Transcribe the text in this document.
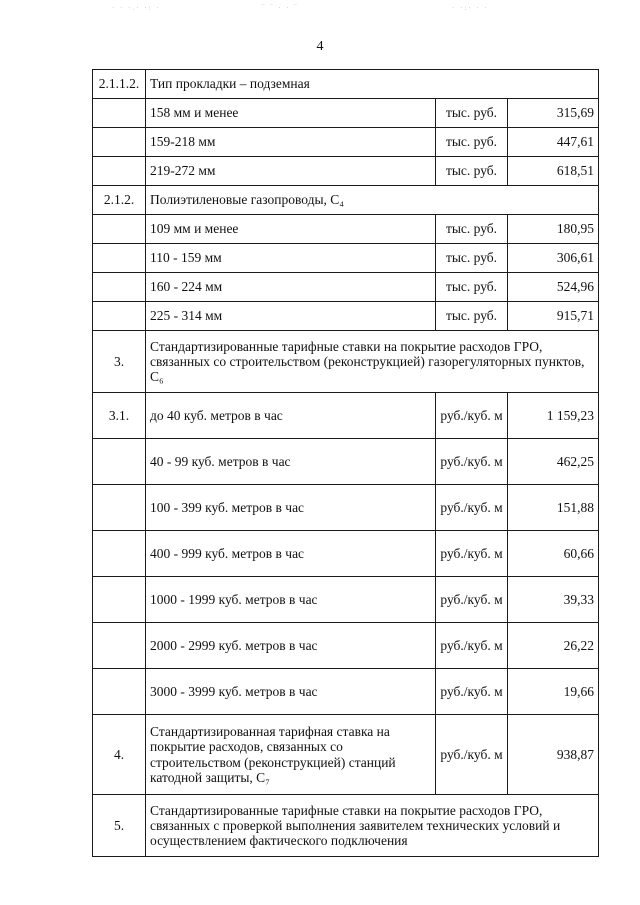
· · ·.· ·: ·	‾ ‾ · · ‾	· ·:· · ·
4
2.1.1.2.	Тип прокладки – подземная		
	158 мм и менее	тыс. руб.	315,69
	159-218 мм	тыс. руб.	447,61
	219-272 мм	тыс. руб.	618,51
2.1.2.	Полиэтиленовые газопроводы, С₄		
	109 мм и менее	тыс. руб.	180,95
	110 - 159 мм	тыс. руб.	306,61
	160 - 224 мм	тыс. руб.	524,96
	225 - 314 мм	тыс. руб.	915,71
3.	Стандартизированные тарифные ставки на покрытие расходов ГРО, связанных со строительством (реконструкцией) газорегуляторных пунктов, С₆		
3.1.	до 40 куб. метров в час	руб./куб. м	1 159,23
	40 - 99 куб. метров в час	руб./куб. м	462,25
	100 - 399 куб. метров в час	руб./куб. м	151,88
	400 - 999 куб. метров в час	руб./куб. м	60,66
	1000 - 1999 куб. метров в час	руб./куб. м	39,33
	2000 - 2999 куб. метров в час	руб./куб. м	26,22
	3000 - 3999 куб. метров в час	руб./куб. м	19,66
4.	Стандартизированная тарифная ставка на покрытие расходов, связанных со строительством (реконструкцией) станций катодной защиты, С₇	руб./куб. м	938,87
5.	Стандартизированные тарифные ставки на покрытие расходов ГРО, связанных с проверкой выполнения заявителем технических условий и осуществлением фактического подключения		
